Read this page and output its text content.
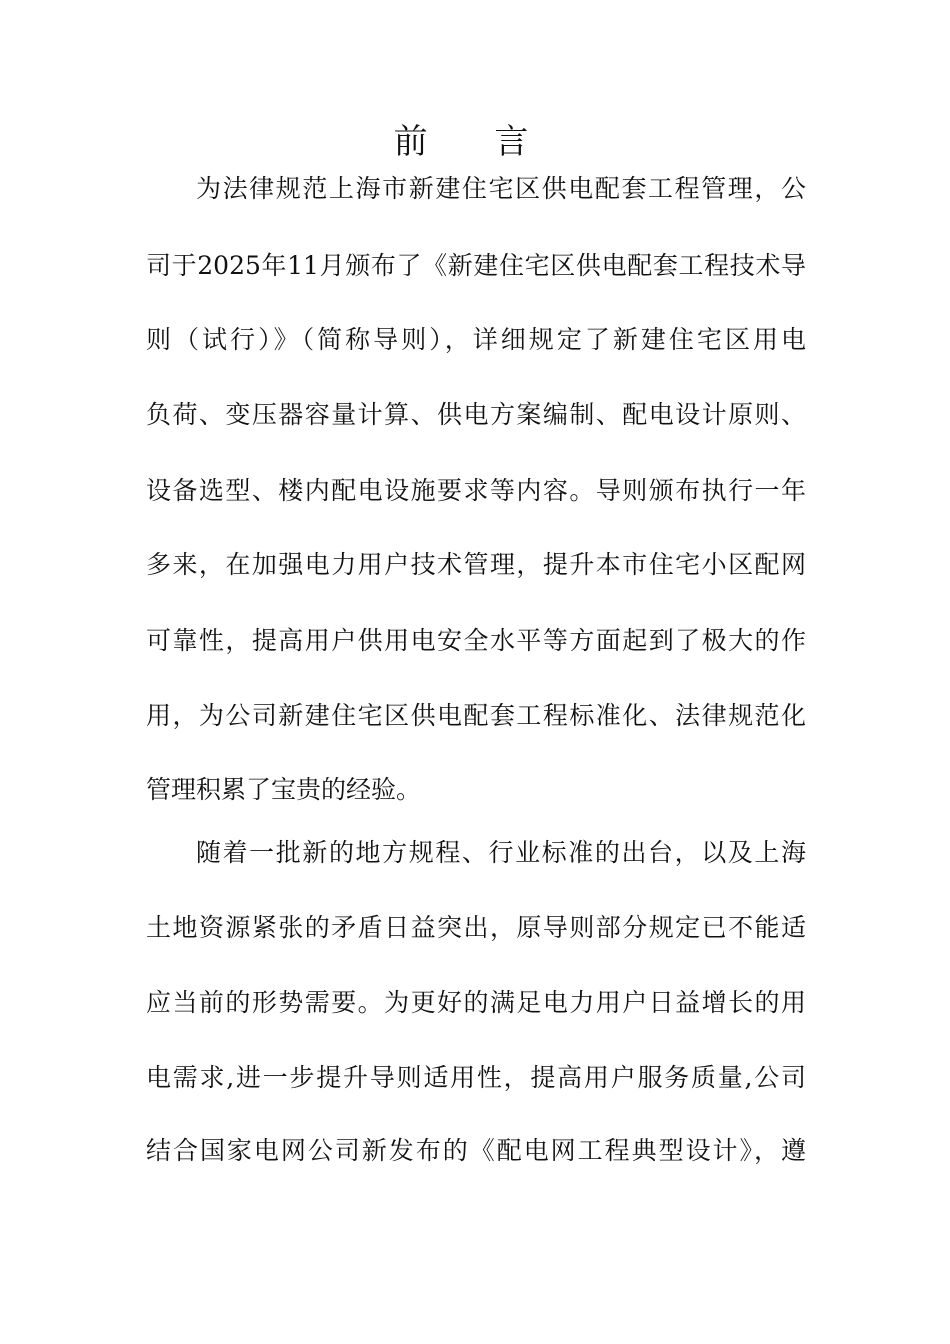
前 言
为法律规范上海市新建住宅区供电配套工程管理，公
司于2025年11月颁布了《新建住宅区供电配套工程技术导
则（试行）》（简称导则），详细规定了新建住宅区用电
负荷、变压器容量计算、供电方案编制、配电设计原则、
设备选型、楼内配电设施要求等内容。导则颁布执行一年
多来，在加强电力用户技术管理，提升本市住宅小区配网
可靠性，提高用户供用电安全水平等方面起到了极大的作
用，为公司新建住宅区供电配套工程标准化、法律规范化
管理积累了宝贵的经验。
随着一批新的地方规程、行业标准的出台，以及上海
土地资源紧张的矛盾日益突出，原导则部分规定已不能适
应当前的形势需要。为更好的满足电力用户日益增长的用
电需求,进一步提升导则适用性，提高用户服务质量,公司
结合国家电网公司新发布的《配电网工程典型设计》，遵
